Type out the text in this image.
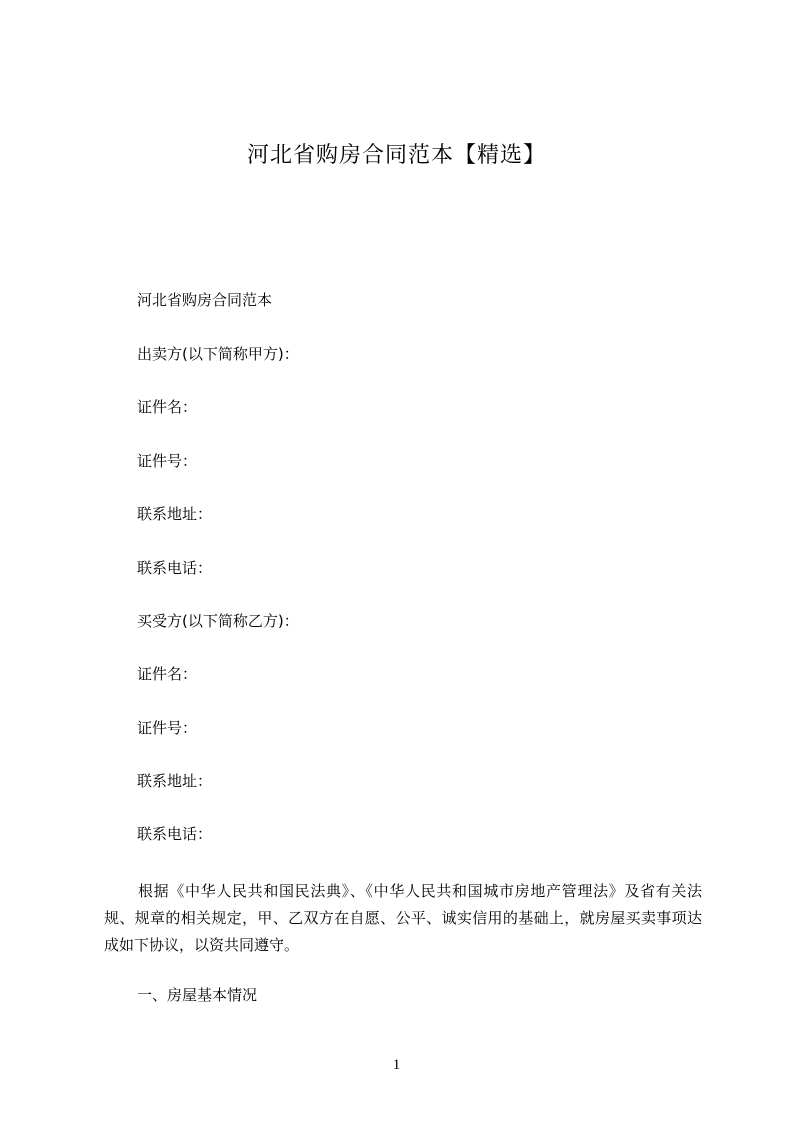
河北省购房合同范本【精选】
河北省购房合同范本
出卖方(以下简称甲方)：
证件名：
证件号：
联系地址：
联系电话：
买受方(以下简称乙方)：
证件名：
证件号：
联系地址：
联系电话：
根据《中华人民共和国民法典》、《中华人民共和国城市房地产管理法》及省有关法规、规章的相关规定，甲、乙双方在自愿、公平、诚实信用的基础上，就房屋买卖事项达成如下协议，以资共同遵守。
一、房屋基本情况
1
